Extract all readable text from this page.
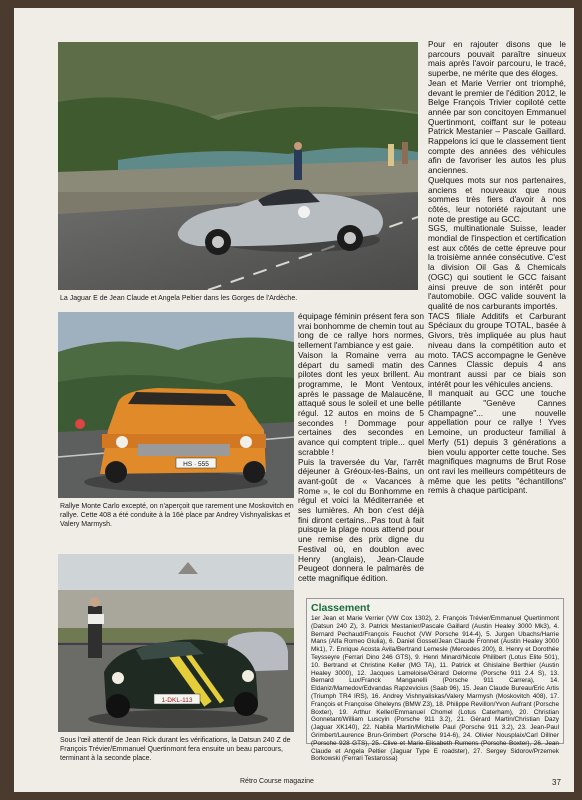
La Jaguar E de Jean Claude et Angela Peltier dans les Gorges de l'Ardèche.
HS · 555
Rallye Monte Carlo excepté, on n'aperçoit que rarement une Moskovitch en rallye. Cette 408 a été conduite à la 16è place par Andrey Vishnyaliskas et Valery Marmysh.
1-DKL-113
Sous l'œil attentif de Jean Rick durant les vérifications, la Datsun 240 Z de François Trévier/Emmanuel Quertinmont fera ensuite un beau parcours, terminant à la seconde place.

équipage féminin présent fera son vrai bonhomme de chemin tout au long de ce rallye hors normes, tellement l'ambiance y est gaie.

Vaison la Romaine verra au départ du samedi matin des pilotes dont les yeux brillent. Au programme, le Mont Ventoux, après le passage de Malaucène, attaqué sous le soleil et une belle régul. 12 autos en moins de 5 secondes ! Dommage pour certaines des secondes en avance qui comptent triple... quel scrabble !

Puis la traversée du Var, l'arrêt déjeuner à Gréoux-les-Bains, un avant-goût de « Vacances à Rome », le col du Bonhomme en régul et voici la Méditerranée et ses lumières. Ah bon c'est déjà fini diront certains...Pas tout à fait puisque la plage nous attend pour une remise des prix digne du Festival où, en doublon avec Henry (anglais), Jean-Claude Peugeot donnera le palmarès de cette magnifique édition.

Pour en rajouter disons que le parcours pouvait paraître sinueux mais après l'avoir parcouru, le tracé, superbe, ne mérite que des éloges.

Jean et Marie Verrier ont triomphé, devant le premier de l'édition 2012, le Belge François Trivier copiloté cette année par son concitoyen Emmanuel Quertinmont, coiffant sur le poteau Patrick Mestanier – Pascale Gaillard. Rappelons ici que le classement tient compte des années des véhicules afin de favoriser les autos les plus anciennes.

Quelques mots sur nos partenaires, anciens et nouveaux que nous sommes très fiers d'avoir à nos côtés, leur notoriété rajoutant une note de prestige au GCC.

SGS, multinationale Suisse, leader mondial de l'inspection et certification est aux côtés de cette épreuve pour la troisième année consécutive. C'est la division Oil Gas & Chemicals (OGC) qui soutient le GCC faisant ainsi preuve de son intérêt pour l'automobile. OGC valide souvent la qualité de nos carburants importés.

TACS filiale Additifs et Carburant Spéciaux du groupe TOTAL, basée à Givors, très impliquée au plus haut niveau dans la compétition auto et moto. TACS accompagne le Genève Cannes Classic depuis 4 ans montrant aussi par ce biais son intérêt pour les véhicules anciens.

Il manquait au GCC une touche pétillante "Genève Cannes Champagne"... une nouvelle appellation pour ce rallye ! Yves Lemoine, un producteur familial à Merfy (51) depuis 3 générations a bien voulu apporter cette touche. Ses magnifiques magnums de Brut Rose ont ravi les meilleurs compétiteurs de même que les petits "échantillons" remis à chaque participant.

Classement
1er Jean et Marie Verrier (VW Cox 1302), 2. François Trévier/Emmanuel Quertinmont (Datsun 240 Z), 3. Patrick Mestanier/Pascale Gaillard (Austin Healey 3000 Mk3), 4. Bernard Pechaud/François Feuchot (VW Porsche 914-4), 5. Jurgen Ubachs/Harrie Mans (Alfa Romeo Giulia), 6. Daniel Gossel/Jean Claude Fronnet (Austin Healey 3000 Mk1), 7. Enrique Acosta Avila/Bertrand Lemesle (Mercedes 200), 8. Henry et Dorothée Teysseyre (Ferrari Dino 246 GTS), 9. Henri Minard/Nicole Philibert (Lotus Elite 501), 10. Bertrand et Christine Keller (MG TA), 11. Patrick et Ghislaine Berthier (Austin Healey 3000), 12. Jacques Lameloise/Gérard Delorme (Porsche 911 2.4 S), 13. Bernard Lux/Franck Manganelli (Porsche 911 Carrera), 14. Eldaniz/Mamedov/Edvandas Rapzevicius (Saab 96), 15. Jean Claude Bureau/Eric Artis (Triumph TR4 IRS), 16. Andrey Vishnyaliskas/Valery Marmysh (Moskovitch 408), 17. François et Françoise Gheleyns (BMW Z3), 18. Philippe Revillon/Yvon Aufrant (Porsche Boxter), 19. Arthur Keller/Emmanuel Chomel (Lotus Caterham), 20. Christian Gonnetant/William Luscyin (Porsche 911 3.2), 21. Gérard Martin/Christian Dazy (Jaguar XK140), 22. Nabila Martin/Michelle Paul (Porsche 911 3.2), 23. Jean-Paul Grimbert/Laurence Brun-Grimbert (Porsche 914-6), 24. Olivier Nousplaix/Carl Dillner (Porsche 928 GTS), 25. Clive et Marie Elisabeth Rumens (Porsche Boxter), 26. Jean Claude et Angela Peltier (Jaguar Type E roadster), 27. Sergey Sidorov/Przemek Borkowski (Ferrari Testarossa)
Rétro Course magazine	37
